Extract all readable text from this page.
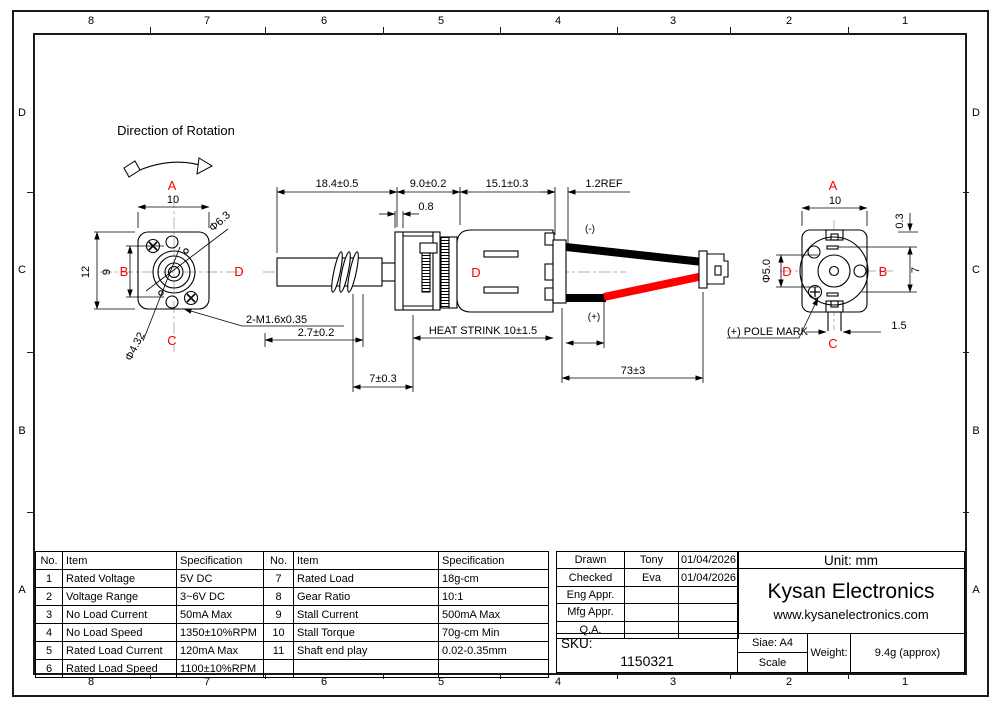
8	7	6	5	4	3	2	1
8	7	6	5	4	3	2	1
D
C
B
A
D
C
B
A
Direction of Rotation
10
12 9
Φ6.3
Φ4.32
2-M1.6x0.35
A
B
C
D
18.4±0.5	9.0±0.2	15.1±0.3	1.2REF
0.8
2.7±0.2
7±0.3
HEAT STRINK 10±1.5
73±3
(-)
(+)
D
10
0.3
7
Φ5.0
1.5
(+) POLE MARK
A
B
C
D
No.	Item	Specification
1	Rated Voltage	5V DC
2	Voltage Range	3~6V DC
3	No Load Current	50mA Max
4	No Load Speed	1350±10%RPM
5	Rated Load Current	120mA Max
6	Rated Load Speed	1100±10%RPM
No.	Item	Specification
7	Rated Load	18g-cm
8	Gear Ratio	10:1
9	Stall Current	500mA Max
10	Stall Torque	70g-cm Min
11	Shaft end play	0.02-0.35mm

Drawn	Tony	01/04/2026
Checked	Eva	01/04/2026
Eng Appr.		
Mfg Appr.		
Q.A.		
SKU:
1150321
Unit: mm
Kysan Electronics
www.kysanelectronics.com
Siae: A4
Scale
Weight:	9.4g (approx)
